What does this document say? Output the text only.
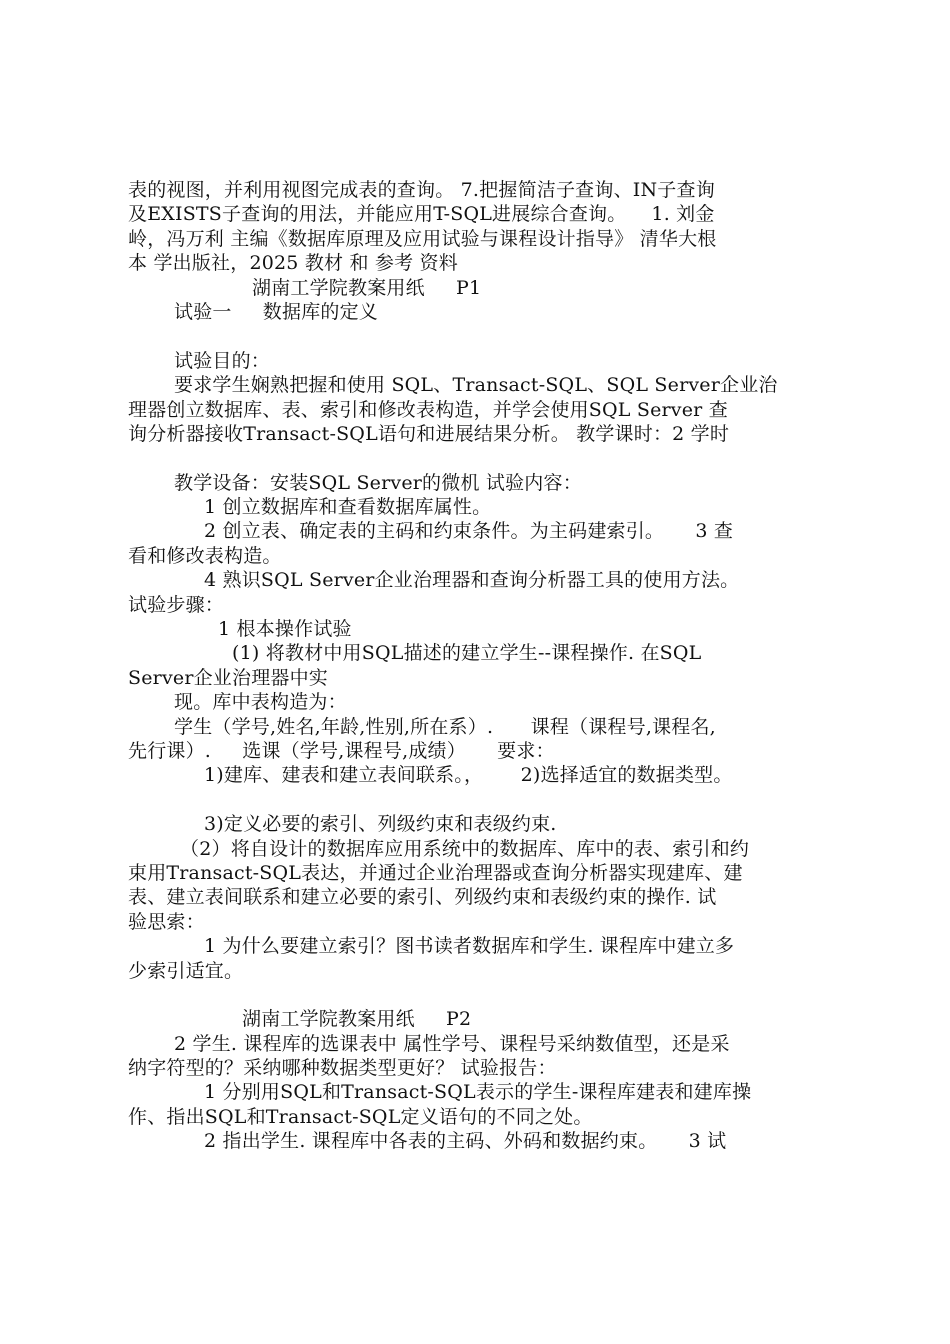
表的视图，并利用视图完成表的查询。 7.把握简洁子查询、IN子查询
及EXISTS子查询的用法，并能应用T-SQL进展综合查询。    1. 刘金
岭，冯万利 主编《数据库原理及应用试验与课程设计指导》 清华大根
本 学出版社，2025 教材 和 参考 资料
湖南工学院教案用纸     P1
试验一     数据库的定义
试验目的：
要求学生娴熟把握和使用 SQL、Transact-SQL、SQL Server企业治
理器创立数据库、表、索引和修改表构造，并学会使用SQL Server 查
询分析器接收Transact-SQL语句和进展结果分析。 教学课时：2 学时
教学设备：安装SQL Server的微机 试验内容：
1 创立数据库和查看数据库属性。
2 创立表、确定表的主码和约束条件。为主码建索引。     3 查
看和修改表构造。
4 熟识SQL Server企业治理器和查询分析器工具的使用方法。
试验步骤：
1 根本操作试验
(1) 将教材中用SQL描述的建立学生--课程操作. 在SQL
Server企业治理器中实
现。库中表构造为：
学生（学号,姓名,年龄,性别,所在系）.      课程（课程号,课程名,
先行课）.     选课（学号,课程号,成绩）     要求：
1)建库、建表和建立表间联系。，      2)选择适宜的数据类型。
3)定义必要的索引、列级约束和表级约束.
（2）将自设计的数据库应用系统中的数据库、库中的表、索引和约
束用Transact-SQL表达，并通过企业治理器或查询分析器实现建库、建
表、建立表间联系和建立必要的索引、列级约束和表级约束的操作. 试
验思索：
1 为什么要建立索引？图书读者数据库和学生. 课程库中建立多
少索引适宜。
湖南工学院教案用纸     P2
2 学生. 课程库的选课表中 属性学号、课程号采纳数值型，还是采
纳字符型的？采纳哪种数据类型更好？ 试验报告：
1 分别用SQL和Transact-SQL表示的学生-课程库建表和建库操
作、指出SQL和Transact-SQL定义语句的不同之处。
2 指出学生. 课程库中各表的主码、外码和数据约束。     3 试
